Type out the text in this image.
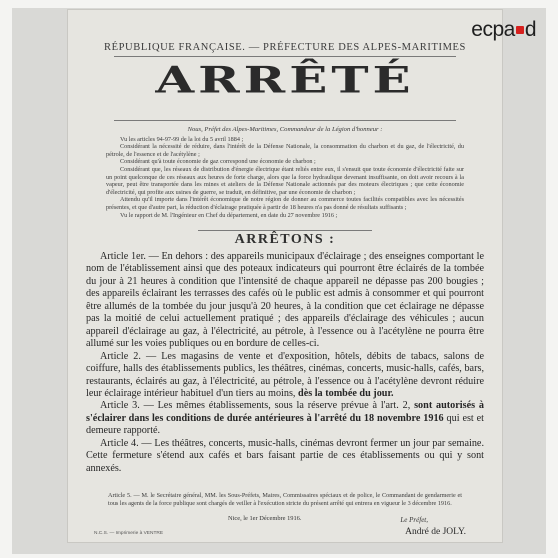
RÉPUBLIQUE FRANÇAISE. — PRÉFECTURE DES ALPES-MARITIMES
ARRÊTÉ

Nous, Préfet des Alpes-Maritimes, Commandeur de la Légion d'honneur :

Vu les articles 94-97-99 de la loi du 5 avril 1884 ;

Considérant la nécessité de réduire, dans l'intérêt de la Défense Nationale, la consommation du charbon et du gaz, de l'électricité, du pétrole, de l'essence et de l'acétylène ;

Considérant qu'à toute économie de gaz correspond une économie de charbon ;

Considérant que, les réseaux de distribution d'énergie électrique étant reliés entre eux, il s'ensuit que toute économie d'électricité faite sur un point quelconque de ces réseaux aux heures de forte charge, alors que la force hydraulique devenant insuffisante, on doit avoir recours à la vapeur, peut être transportée dans les mines et ateliers de la Défense Nationale actionnés par des moteurs électriques ; que cette économie d'électricité, qui profite aux usines de guerre, se traduit, en définitive, par une économie de charbon ;

Attendu qu'il importe dans l'intérêt économique de notre région de donner au commerce toutes facilités compatibles avec les nécessités présentes, et que d'autre part, la réduction d'éclairage pratiquée à partir de 18 heures n'a pas donné de résultats suffisants ;

Vu le rapport de M. l'Ingénieur en Chef du département, en date du 27 novembre 1916 ;

ARRÊTONS :

Article 1er. — En dehors : des appareils municipaux d'éclairage ; des enseignes comportant le nom de l'établissement ainsi que des poteaux indicateurs qui pourront être éclairés de la tombée du jour à 21 heures à condition que l'intensité de chaque appareil ne dépasse pas 200 bougies ; des appareils éclairant les terrasses des cafés où le public est admis à consommer et qui pourront être allumés de la tombée du jour jusqu'à 20 heures, à la condition que cet éclairage ne dépasse pas la moitié de celui actuellement pratiqué ; des appareils d'éclairage des véhicules ; aucun appareil d'éclairage au gaz, à l'électricité, au pétrole, à l'essence ou à l'acétylène ne pourra être allumé sur les voies publiques ou en bordure de celles-ci.

Article 2. — Les magasins de vente et d'exposition, hôtels, débits de tabacs, salons de coiffure, halls des établissements publics, les théâtres, cinémas, concerts, music-halls, cafés, bars, restaurants, éclairés au gaz, à l'électricité, au pétrole, à l'essence ou à l'acétylène devront réduire leur éclairage intérieur habituel d'un tiers au moins, dès la tombée du jour.

Article 3. — Les mêmes établissements, sous la réserve prévue à l'art. 2, sont autorisés à s'éclairer dans les conditions de durée antérieures à l'arrêté du 18 novembre 1916 qui est et demeure rapporté.

Article 4. — Les théâtres, concerts, music-halls, cinémas devront fermer un jour par semaine. Cette fermeture s'étend aux cafés et bars faisant partie de ces établissements ou qui y sont annexés.

Article 5. — M. le Secrétaire général, MM. les Sous-Préfets, Maires, Commissaires spéciaux et de police, le Commandant de gendarmerie et tous les agents de la force publique sont chargés de veiller à l'exécution stricte du présent arrêté qui entrera en vigueur le 3 décembre 1916.

Nice, le 1er Décembre 1916.	Le Préfet,
André de JOLY.
N.C.S. — Imprimerie à VENTRE
ecpa d
